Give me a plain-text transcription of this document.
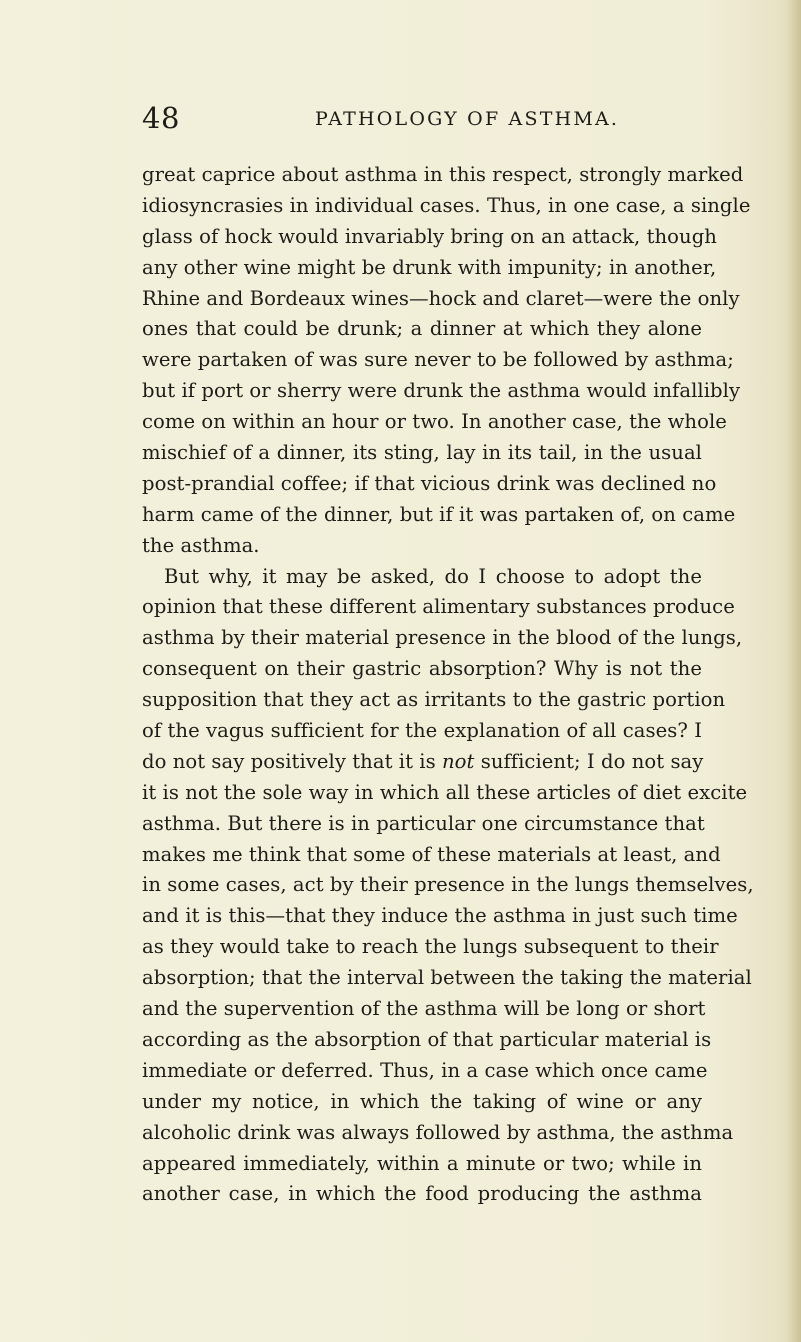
48	PATHOLOGY OF ASTHMA.
great caprice about asthma in this respect, strongly marked
idiosyncrasies in individual cases. Thus, in one case, a single
glass of hock would invariably bring on an attack, though
any other wine might be drunk with impunity; in another,
Rhine and Bordeaux wines—hock and claret—were the only
ones that could be drunk; a dinner at which they alone
were partaken of was sure never to be followed by asthma;
but if port or sherry were drunk the asthma would infallibly
come on within an hour or two. In another case, the whole
mischief of a dinner, its sting, lay in its tail, in the usual
post-prandial coffee; if that vicious drink was declined no
harm came of the dinner, but if it was partaken of, on came
the asthma.
But why, it may be asked, do I choose to adopt the
opinion that these different alimentary substances produce
asthma by their material presence in the blood of the lungs,
consequent on their gastric absorption? Why is not the
supposition that they act as irritants to the gastric portion
of the vagus sufficient for the explanation of all cases? I
do not say positively that it is not sufficient; I do not say
it is not the sole way in which all these articles of diet excite
asthma. But there is in particular one circumstance that
makes me think that some of these materials at least, and
in some cases, act by their presence in the lungs themselves,
and it is this—that they induce the asthma in just such time
as they would take to reach the lungs subsequent to their
absorption; that the interval between the taking the material
and the supervention of the asthma will be long or short
according as the absorption of that particular material is
immediate or deferred. Thus, in a case which once came
under my notice, in which the taking of wine or any
alcoholic drink was always followed by asthma, the asthma
appeared immediately, within a minute or two; while in
another case, in which the food producing the asthma
